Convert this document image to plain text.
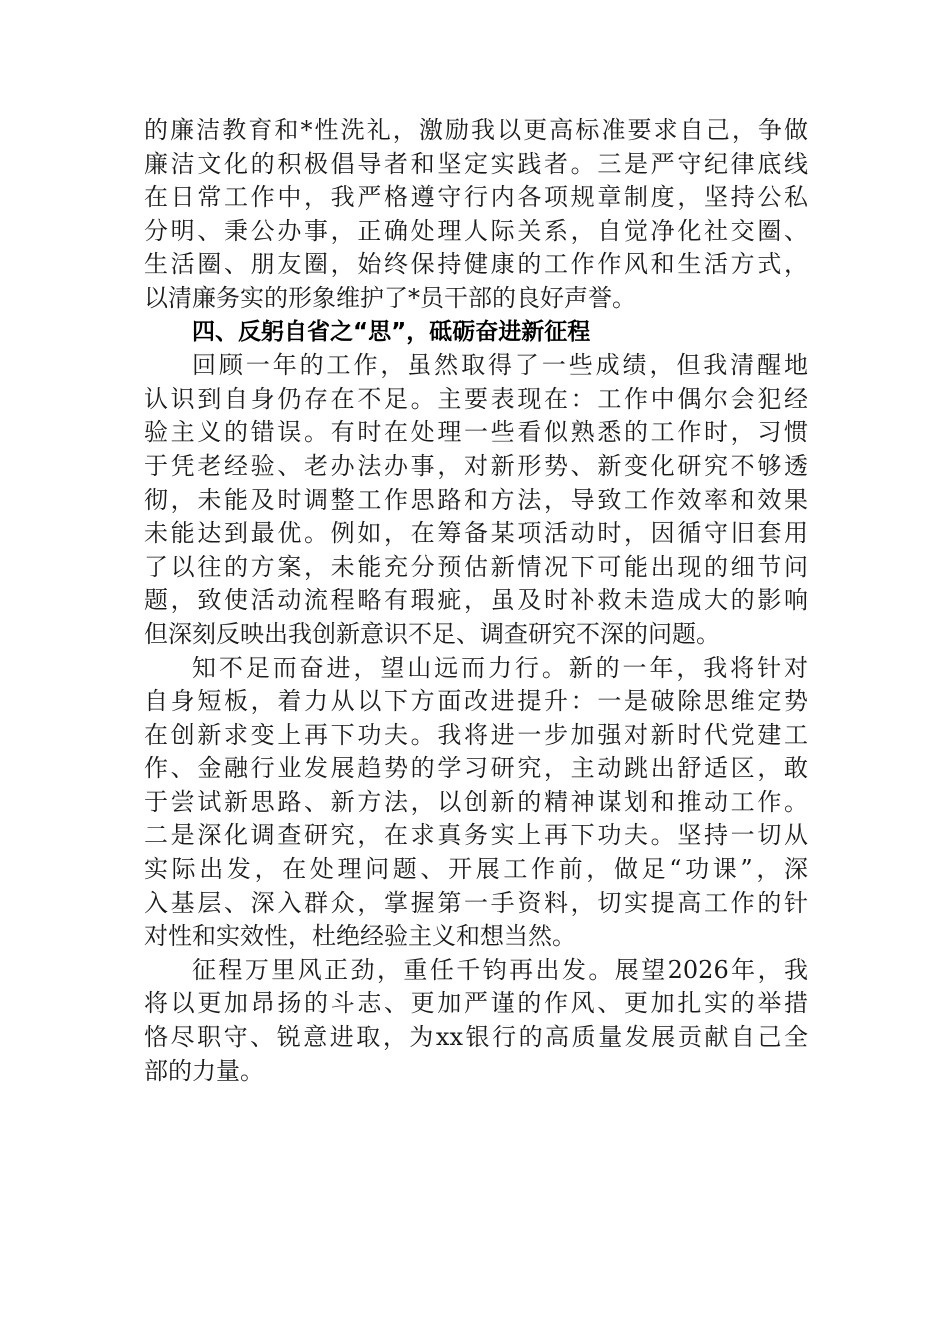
的廉洁教育和*性洗礼，激励我以更高标准要求自己，争做
廉洁文化的积极倡导者和坚定实践者。三是严守纪律底线
在日常工作中，我严格遵守行内各项规章制度，坚持公私
分明、秉公办事，正确处理人际关系，自觉净化社交圈、
生活圈、朋友圈，始终保持健康的工作作风和生活方式，
以清廉务实的形象维护了*员干部的良好声誉。
四、反躬自省之“思”，砥砺奋进新征程
回顾一年的工作，虽然取得了一些成绩，但我清醒地
认识到自身仍存在不足。主要表现在：工作中偶尔会犯经
验主义的错误。有时在处理一些看似熟悉的工作时，习惯
于凭老经验、老办法办事，对新形势、新变化研究不够透
彻，未能及时调整工作思路和方法，导致工作效率和效果
未能达到最优。例如，在筹备某项活动时，因循守旧套用
了以往的方案，未能充分预估新情况下可能出现的细节问
题，致使活动流程略有瑕疵，虽及时补救未造成大的影响
但深刻反映出我创新意识不足、调查研究不深的问题。
知不足而奋进，望山远而力行。新的一年，我将针对
自身短板，着力从以下方面改进提升：一是破除思维定势
在创新求变上再下功夫。我将进一步加强对新时代党建工
作、金融行业发展趋势的学习研究，主动跳出舒适区，敢
于尝试新思路、新方法，以创新的精神谋划和推动工作。
二是深化调查研究，在求真务实上再下功夫。坚持一切从
实际出发，在处理问题、开展工作前，做足“功课”，深
入基层、深入群众，掌握第一手资料，切实提高工作的针
对性和实效性，杜绝经验主义和想当然。
征程万里风正劲，重任千钧再出发。展望2026年，我
将以更加昂扬的斗志、更加严谨的作风、更加扎实的举措
恪尽职守、锐意进取，为xx银行的高质量发展贡献自己全
部的力量。
